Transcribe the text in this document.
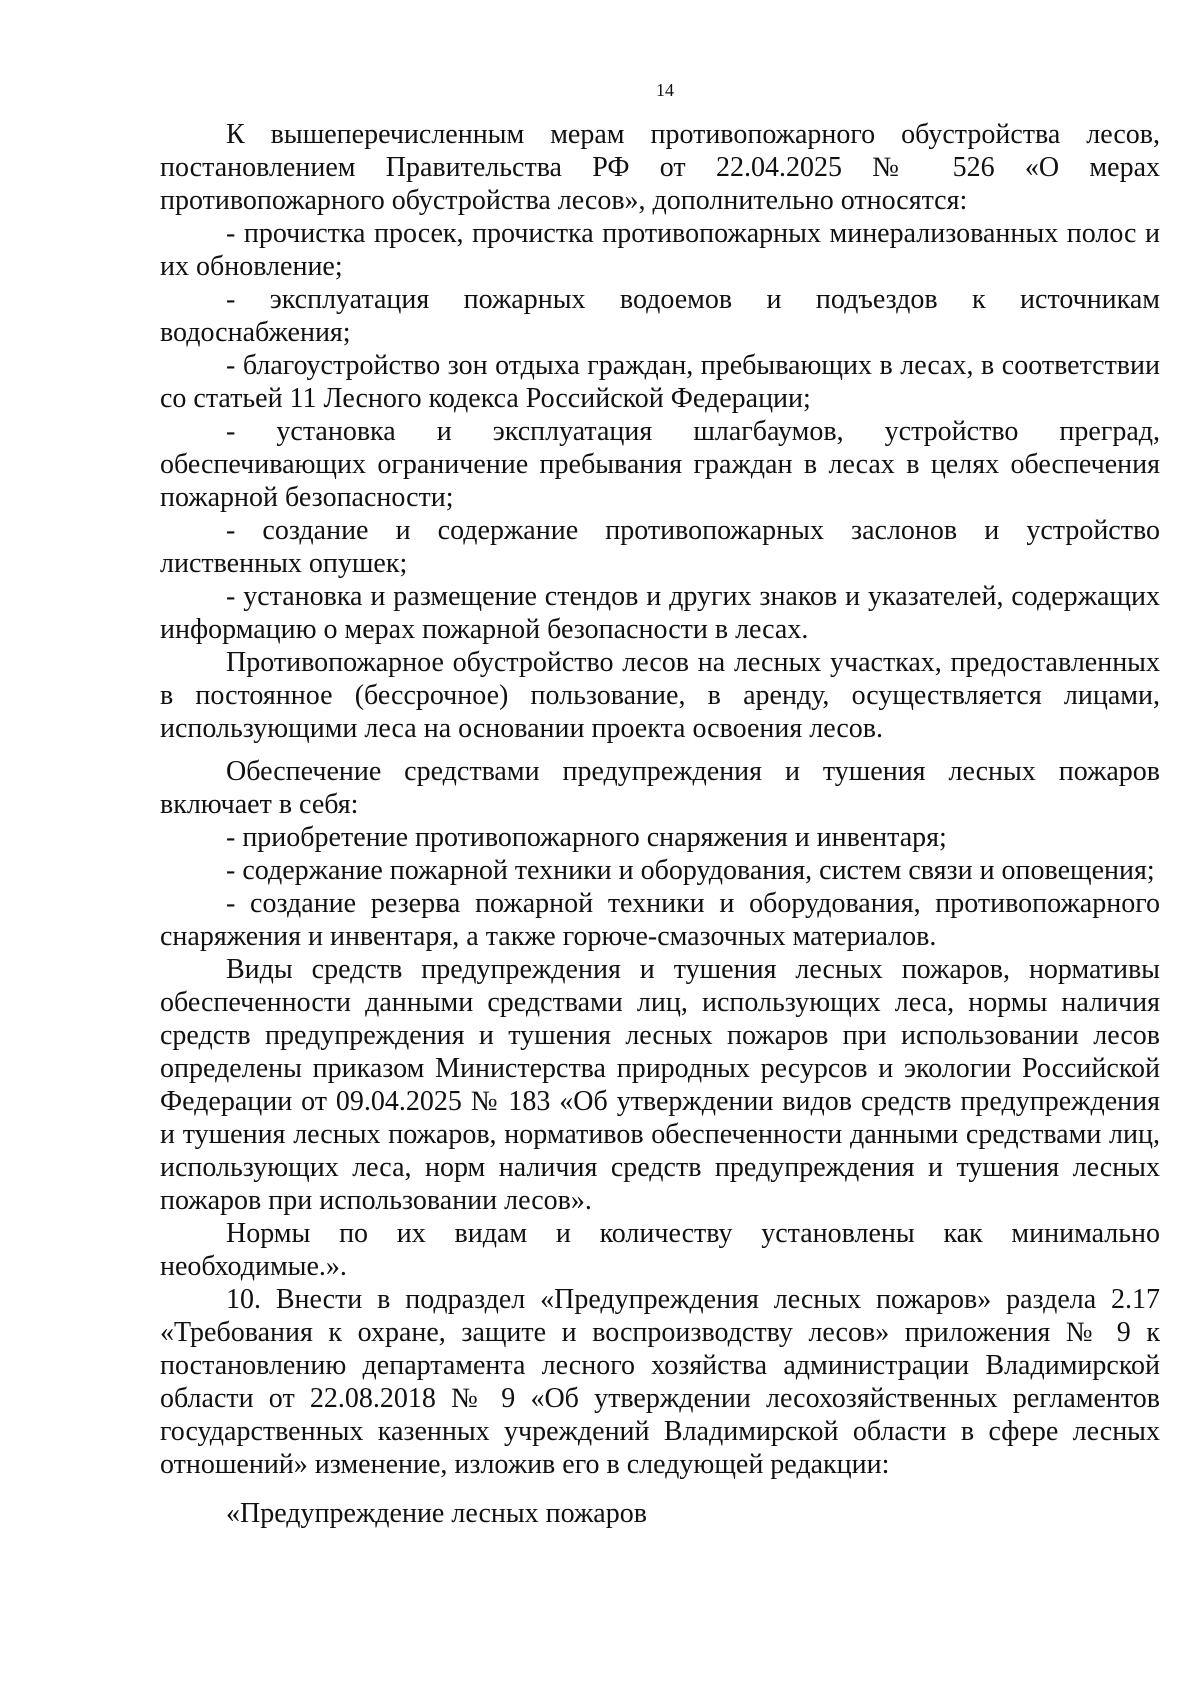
14

К вышеперечисленным мерам противопожарного обустройства лесов, постановлением Правительства РФ от 22.04.2025 № 526 «О мерах противопожарного обустройства лесов», дополнительно относятся:

- прочистка просек, прочистка противопожарных минерализованных полос и их обновление;

- эксплуатация пожарных водоемов и подъездов к источникам водоснабжения;

- благоустройство зон отдыха граждан, пребывающих в лесах, в соответствии со статьей 11 Лесного кодекса Российской Федерации;

- установка и эксплуатация шлагбаумов, устройство преград, обеспечивающих ограничение пребывания граждан в лесах в целях обеспечения пожарной безопасности;

- создание и содержание противопожарных заслонов и устройство лиственных опушек;

- установка и размещение стендов и других знаков и указателей, содержащих информацию о мерах пожарной безопасности в лесах.

Противопожарное обустройство лесов на лесных участках, предоставленных в постоянное (бессрочное) пользование, в аренду, осуществляется лицами, использующими леса на основании проекта освоения лесов.

Обеспечение средствами предупреждения и тушения лесных пожаров включает в себя:

- приобретение противопожарного снаряжения и инвентаря;

- содержание пожарной техники и оборудования, систем связи и оповещения;

- создание резерва пожарной техники и оборудования, противопожарного снаряжения и инвентаря, а также горюче-смазочных материалов.

Виды средств предупреждения и тушения лесных пожаров, нормативы обеспеченности данными средствами лиц, использующих леса, нормы наличия средств предупреждения и тушения лесных пожаров при использовании лесов определены приказом Министерства природных ресурсов и экологии Российской Федерации от 09.04.2025 № 183 «Об утверждении видов средств предупреждения и тушения лесных пожаров, нормативов обеспеченности данными средствами лиц, использующих леса, норм наличия средств предупреждения и тушения лесных пожаров при использовании лесов».

Нормы по их видам и количеству установлены как минимально необходимые.».

10. Внести в подраздел «Предупреждения лесных пожаров» раздела 2.17 «Требования к охране, защите и воспроизводству лесов» приложения № 9 к постановлению департамента лесного хозяйства администрации Владимирской области от 22.08.2018 № 9 «Об утверждении лесохозяйственных регламентов государственных казенных учреждений Владимирской области в сфере лесных отношений» изменение, изложив его в следующей редакции:

«Предупреждение лесных пожаров
